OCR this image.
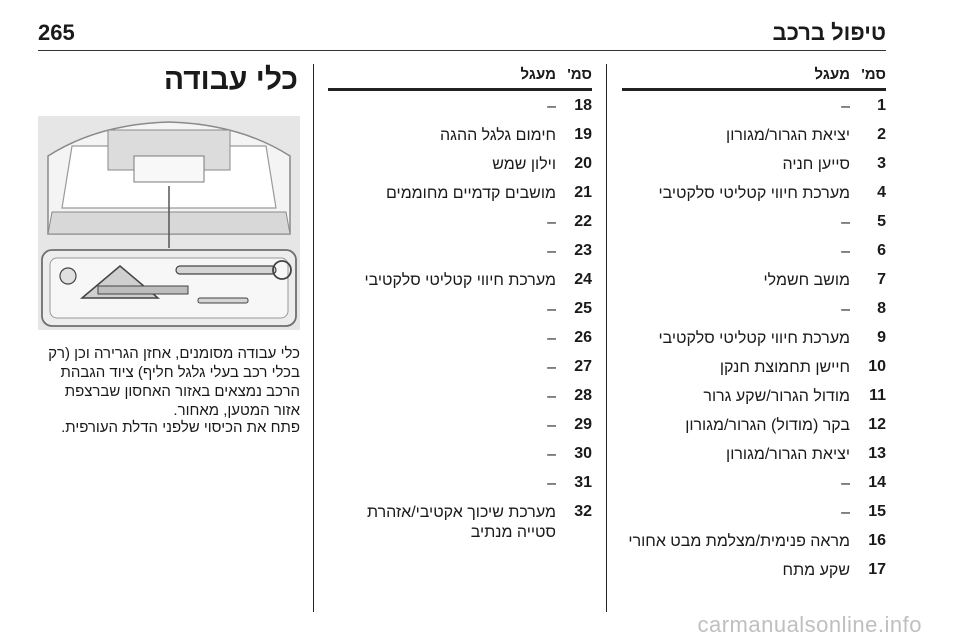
265	טיפול ברכב
סמ'מעגל
1
–
2
יציאת הגרור/מגורון
3
סייען חניה
4
מערכת חיווי קטליטי סלקטיבי
5
–
6
–
7
מושב חשמלי
8
–
9
מערכת חיווי קטליטי סלקטיבי
10
חיישן תחמוצת חנקן
11
מודול הגרור/שקע גרור
12
בקר (מודול) הגרור/מגורון
13
יציאת הגרור/מגורון
14
–
15
–
16
מראה פנימית/מצלמת מבט אחורי
17
שקע מתח
סמ'מעגל
18
–
19
חימום גלגל ההגה
20
וילון שמש
21
מושבים קדמיים מחוממים
22
–
23
–
24
מערכת חיווי קטליטי סלקטיבי
25
–
26
–
27
–
28
–
29
–
30
–
31
–
32
מערכת שיכוך אקטיבי/אזהרת סטייה מנתיב
כלי עבודה
כלי עבודה מסומנים, אחזן הגרירה וכן (רק בכלי רכב בעלי גלגל חליף) ציוד הגבהת הרכב נמצאים באזור האחסון שברצפת אזור המטען, מאחור.
פתח את הכיסוי שלפני הדלת העורפית.
carmanualsonline.info
